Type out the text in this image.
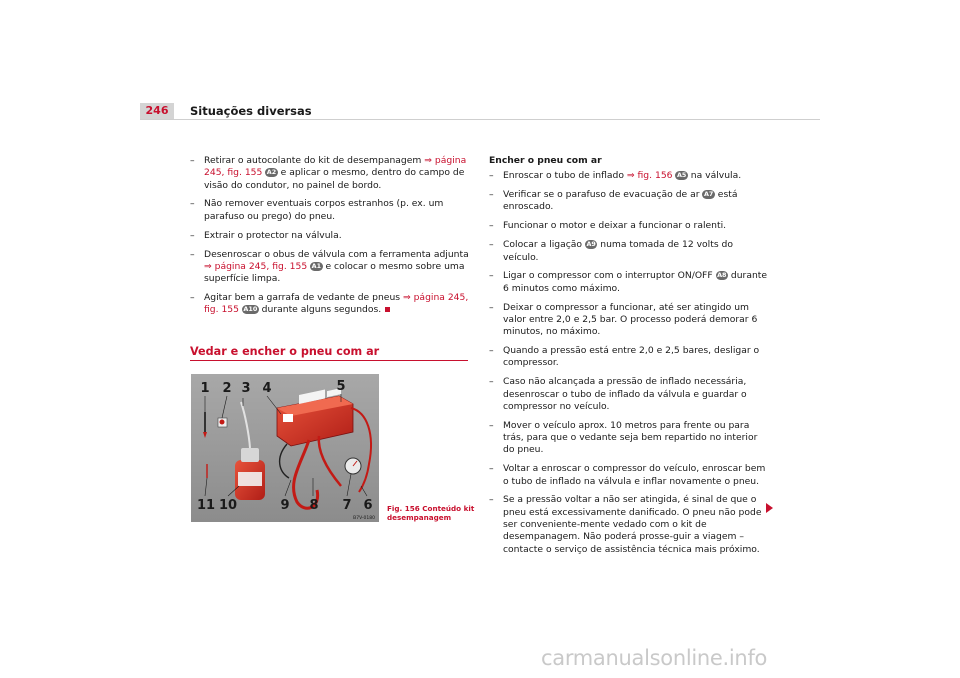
246	Situações diversas
– Retirar o autocolante do kit de desempanagem ⇒ página 245, fig. 155 A2 e aplicar o mesmo, dentro do campo de visão do condutor, no painel de bordo.
– Não remover eventuais corpos estranhos (p. ex. um parafuso ou prego) do pneu.
– Extrair o protector na válvula.
– Desenroscar o obus de válvula com a ferramenta adjunta ⇒ página 245, fig. 155 A1 e colocar o mesmo sobre uma superfície limpa.
– Agitar bem a garrafa de vedante de pneus ⇒ página 245, fig. 155 A10 durante alguns segundos.
Vedar e encher o pneu com ar
1 2 3 4	5
6
7
8
9
10
11
B7V-0180
Fig. 156 Conteúdo kit desempanagem
Encher o pneu com ar
– Enroscar o tubo de inflado ⇒ fig. 156 A5 na válvula.
– Verificar se o parafuso de evacuação de ar A7 está enroscado.
– Funcionar o motor e deixar a funcionar o ralenti.
– Colocar a ligação A9 numa tomada de 12 volts do veículo.
– Ligar o compressor com o interruptor ON/OFF A8 durante 6 minutos como máximo.
– Deixar o compressor a funcionar, até ser atingido um valor entre 2,0 e 2,5 bar. O processo poderá demorar 6 minutos, no máximo.
– Quando a pressão está entre 2,0 e 2,5 bares, desligar o compressor.
– Caso não alcançada a pressão de inflado necessária, desenroscar o tubo de inflado da válvula e guardar o compressor no veículo.
– Mover o veículo aprox. 10 metros para frente ou para trás, para que o vedante seja bem repartido no interior do pneu.
– Voltar a enroscar o compressor do veículo, enroscar bem o tubo de inflado na válvula e inflar novamente o pneu.
– Se a pressão voltar a não ser atingida, é sinal de que o pneu está excessivamente danificado. O pneu não pode ser conveniente-mente vedado com o kit de desempanagem. Não poderá prosse-guir a viagem – contacte o serviço de assistência técnica mais próximo.
carmanualsonline.info
